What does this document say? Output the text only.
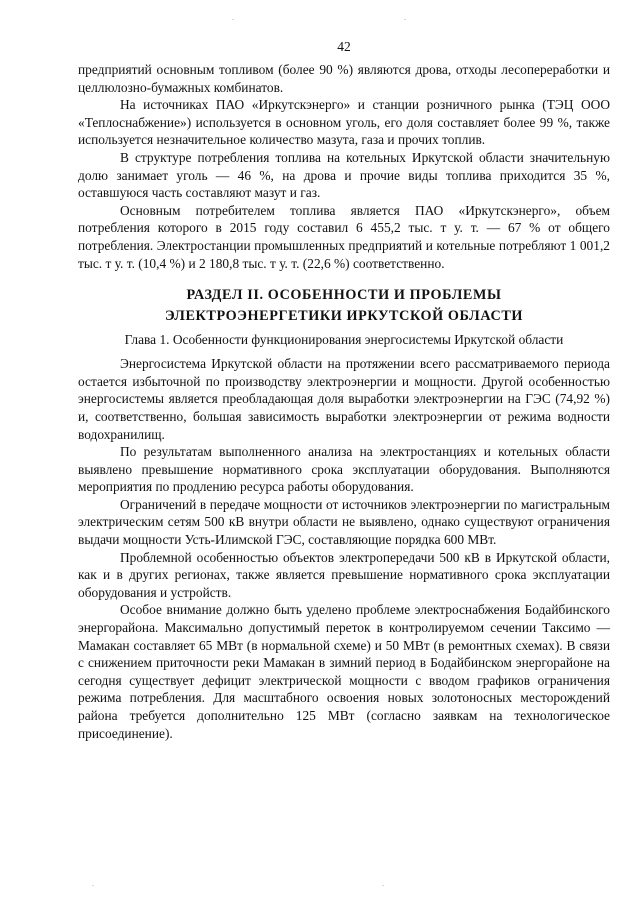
.	.
.	.
42

предприятий основным топливом (более 90 %) являются дрова, отходы лесопереработки и целлюлозно-бумажных комбинатов.

На источниках ПАО «Иркутскэнерго» и станции розничного рынка (ТЭЦ ООО «Теплоснабжение») используется в основном уголь, его доля составляет более 99 %, также используется незначительное количество мазута, газа и прочих топлив.

В структуре потребления топлива на котельных Иркутской области значительную долю занимает уголь — 46 %, на дрова и прочие виды топлива приходится 35 %, оставшуюся часть составляют мазут и газ.

Основным потребителем топлива является ПАО «Иркутскэнерго», объем потребления которого в 2015 году составил 6 455,2 тыс. т у. т. — 67 % от общего потребления. Электростанции промышленных предприятий и котельные потребляют 1 001,2 тыс. т у. т. (10,4 %) и 2 180,8 тыс. т у. т. (22,6 %) соответственно.

РАЗДЕЛ II. ОСОБЕННОСТИ И ПРОБЛЕМЫ
ЭЛЕКТРОЭНЕРГЕТИКИ ИРКУТСКОЙ ОБЛАСТИ
Глава 1. Особенности функционирования энергосистемы Иркутской области

Энергосистема Иркутской области на протяжении всего рассматриваемого периода остается избыточной по производству электроэнергии и мощности. Другой особенностью энергосистемы является преобладающая доля выработки электроэнергии на ГЭС (74,92 %) и, соответственно, большая зависимость выработки электроэнергии от режима водности водохранилищ.

По результатам выполненного анализа на электростанциях и котельных области выявлено превышение нормативного срока эксплуатации оборудования. Выполняются мероприятия по продлению ресурса работы оборудования.

Ограничений в передаче мощности от источников электроэнергии по магистральным электрическим сетям 500 кВ внутри области не выявлено, однако существуют ограничения выдачи мощности Усть-Илимской ГЭС, составляющие порядка 600 МВт.

Проблемной особенностью объектов электропередачи 500 кВ в Иркутской области, как и в других регионах, также является превышение нормативного срока эксплуатации оборудования и устройств.

Особое внимание должно быть уделено проблеме электроснабжения Бодайбинского энергорайона. Максимально допустимый переток в контролируемом сечении Таксимо — Мамакан составляет 65 МВт (в нормальной схеме) и 50 МВт (в ремонтных схемах). В связи с снижением приточности реки Мамакан в зимний период в Бодайбинском энергорайоне на сегодня существует дефицит электрической мощности с вводом графиков ограничения режима потребления. Для масштабного освоения новых золотоносных месторождений района требуется дополнительно 125 МВт (согласно заявкам на технологическое присоединение).
